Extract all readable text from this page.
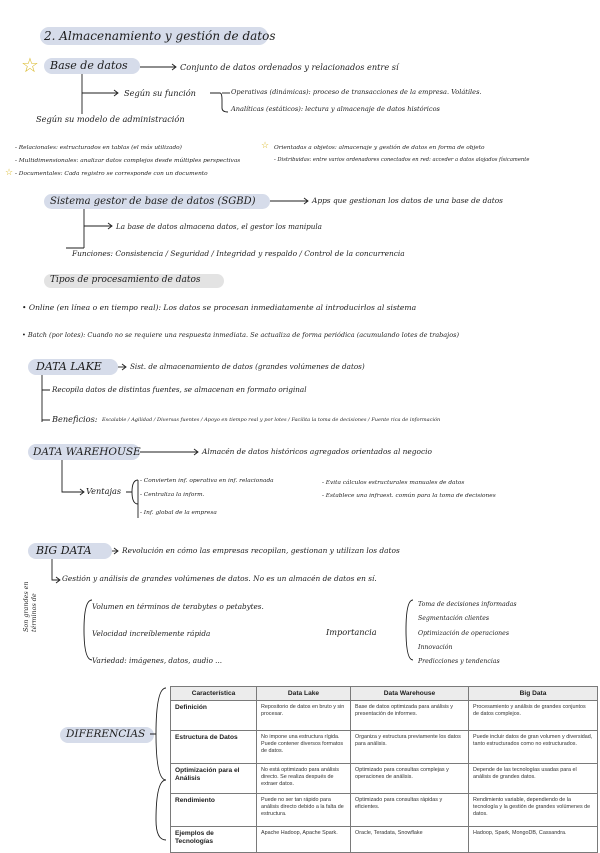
☆
☆
☆
2. Almacenamiento y gestión de datos
Base de datos	Conjunto de datos ordenados y relacionados entre sí
Según su función	Operativas (dinámicas): proceso de transacciones de la empresa. Volátiles.
Analíticas (estáticos): lectura y almacenaje de datos históricos
Según su modelo de administración
- Relacionales: estructurados en tablas (el más utilizado)	Orientadas a objetos: almacenaje y gestión de datos en forma de objeto
- Multidimensionales: analizar datos complejos desde múltiples perspectivas	- Distribuidas: entre varios ordenadores conectados en red: acceder a datos alojados físicamente
- Documentales: Cada registro se corresponde con un documento
Sistema gestor de base de datos (SGBD)	Apps que gestionan los datos de una base de datos
La base de datos almacena datos, el gestor los manipula
Funciones: Consistencia / Seguridad / Integridad y respaldo / Control de la concurrencia
Tipos de procesamiento de datos
• Online (en línea o en tiempo real): Los datos se procesan inmediatamente al introducirlos al sistema
• Batch (por lotes): Cuando no se requiere una respuesta inmediata. Se actualiza de forma periódica (acumulando lotes de trabajos)
DATA LAKE	Sist. de almacenamiento de datos (grandes volúmenes de datos)
Recopila datos de distintas fuentes, se almacenan en formato original
Beneficios: Escalable / Agilidad / Diversas fuentes / Apoyo en tiempo real y por lotes / Facilita la toma de decisiones / Fuente rica de información
DATA WAREHOUSE	Almacén de datos históricos agregados orientados al negocio
Ventajas
- Convierten inf. operativa en inf. relacionada
- Centraliza la inform.
- Inf. global de la empresa
- Evita cálculos estructurales manuales de datos
- Establece una infraest. común para la toma de decisiones
BIG DATA	Revolución en cómo las empresas recopilan, gestionan y utilizan los datos
Gestión y análisis de grandes volúmenes de datos. No es un almacén de datos en sí.
Son grandes en términos de	Volumen en términos de terabytes o petabytes.
Velocidad increíblemente rápida
Variedad: imágenes, datos, audio ...
Importancia
Toma de decisiones informadas
Segmentación clientes
Optimización de operaciones
Innovación
Predicciones y tendencias
DIFERENCIAS
Característica	Data Lake	Data Warehouse	Big Data
Definición	Repositorio de datos en bruto y sin procesar.	Base de datos optimizada para análisis y presentación de informes.	Procesamiento y análisis de grandes conjuntos de datos complejos.
Estructura de Datos	No impone una estructura rígida. Puede contener diversos formatos de datos.	Organiza y estructura previamente los datos para análisis.	Puede incluir datos de gran volumen y diversidad, tanto estructurados como no estructurados.
Optimización para el Análisis	No está optimizado para análisis directo. Se realiza después de extraer datos.	Optimizado para consultas complejas y operaciones de análisis.	Depende de las tecnologías usadas para el análisis de grandes datos.
Rendimiento	Puede no ser tan rápido para análisis directo debido a la falta de estructura.	Optimizado para consultas rápidas y eficientes.	Rendimiento variable, dependiendo de la tecnología y la gestión de grandes volúmenes de datos.
Ejemplos de Tecnologías	Apache Hadoop, Apache Spark.	Oracle, Teradata, Snowflake	Hadoop, Spark, MongoDB, Cassandra.
